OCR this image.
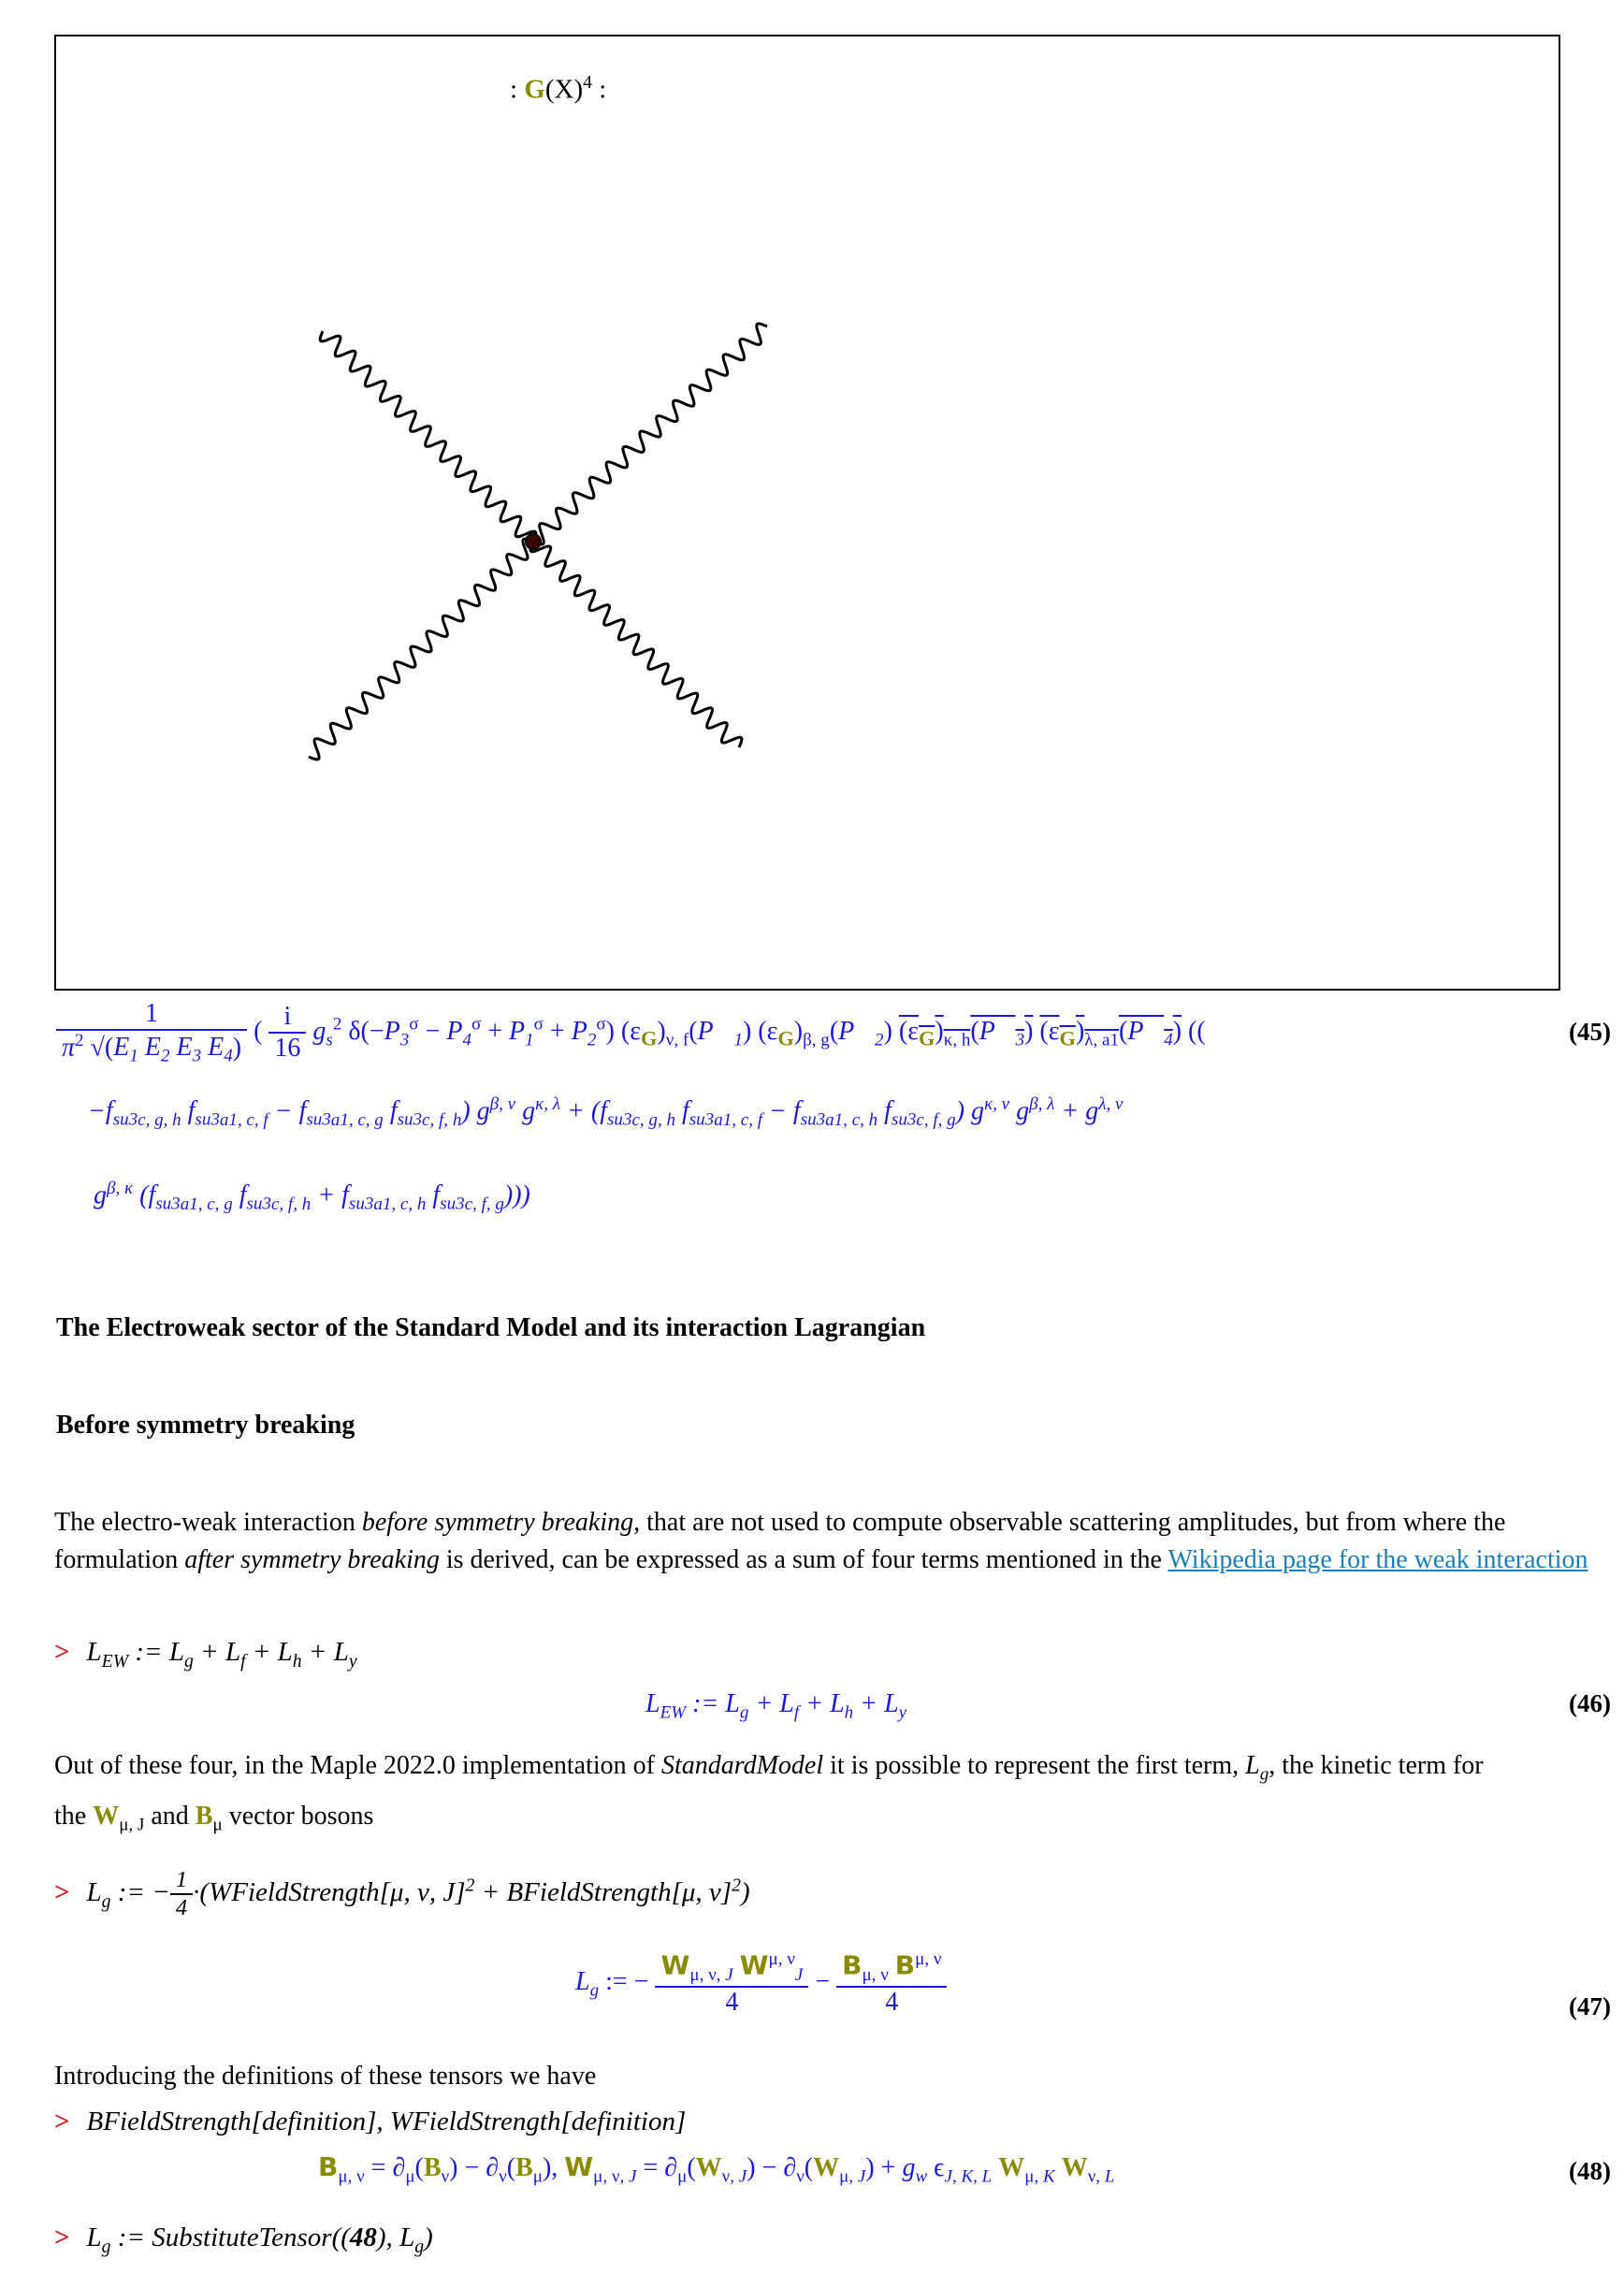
: $G(X)^4$ :
$\frac{1}{\pi^2 √(E_1 E_2 E_3 E_4)}$ ( $\frac{i}{16} g_s^2$ $\delta(-P_3^\sigma - P_4^\sigma + P_1^\sigma + P_2^\sigma)$ $(\varepsilon_G)_{\nu, f}(P⃗_1)$ $(\varepsilon_G)_{\beta, g}(P⃗_2)$ $(\varepsilon_G)_{\kappa, h}(P⃗_3)$ $(\varepsilon_G)_{\lambda, a1}(P⃗_4)$ ((	(45)
$-f_{su3c, g, h}$ $f_{su3a1, c, f} - f_{su3a1, c, g}$ $f_{su3c, f, h}$) $g^{\beta, \nu}$ $g^{\kappa, \lambda} + (f_{su3c, g, h}$ $f_{su3a1, c, f} - f_{su3a1, c, h}$ $f_{su3c, f, g}$) $g^{\kappa, \nu}$ $g^{\beta, \lambda} + g^{\lambda, \nu}$
$g^{\beta, \kappa}$ ($f_{su3a1, c, g}$ $f_{su3c, f, h} + f_{su3a1, c, h}$ $f_{su3c, f, g}$)))
The Electroweak sector of the Standard Model and its interaction Lagrangian
Before symmetry breaking
The electro-weak interaction before symmetry breaking, that are not used to compute observable scattering amplitudes, but from where the formulation after symmetry breaking is derived, can be expressed as a sum of four terms mentioned in the Wikipedia page for the weak interaction
> $L_{EW}$ := $L_g + L_f + L_h + L_y$
$L_{EW}$ := $L_g + L_f + L_h + L_y$	(46)
Out of these four, in the Maple 2022.0 implementation of StandardModel it is possible to represent the first term, $L_g$, the kinetic term for
the $W_{\mu, J}$ and $B_\mu$ vector bosons
> $L_g$ := − $\frac{1}{4}$ ·(WFieldStrength[μ, ν, J]$^2$ + BFieldStrength[μ, ν]$^2$)
$L_g$ := − $\frac{W_{\mu, \nu, J} W^{\mu, \nu}_J}{4} - \frac{B_{\mu, \nu} B^{\mu, \nu}}{4}$	(47)
Introducing the definitions of these tensors we have
> BFieldStrength[definition], WFieldStrength[definition]
$B_{\mu, \nu} = \partial_\mu(B_\nu) - \partial_\nu(B_\mu)$, $W_{\mu, \nu, J} = \partial_\mu(W_{\nu, J}) - \partial_\nu(W_{\mu, J}) + g_w$ $\epsilon_{J, K, L}$ $W_{\mu, K}$ $W_{\nu, L}$	(48)
> $L_g$ := SubstituteTensor((48), $L_g$)
